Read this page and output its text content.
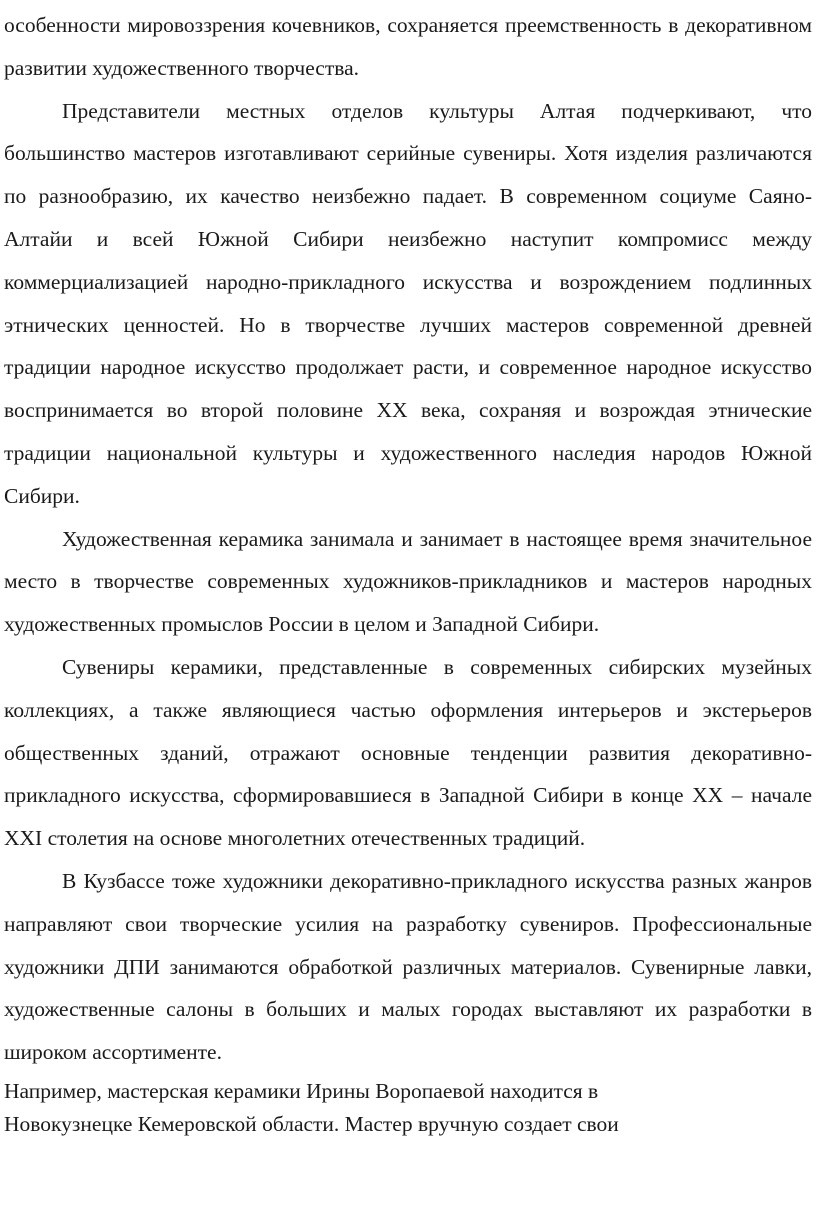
особенности мировоззрения кочевников, сохраняется преемственность в декоративном развитии художественного творчества.

Представители местных отделов культуры Алтая подчеркивают, что большинство мастеров изготавливают серийные сувениры. Хотя изделия различаются по разнообразию, их качество неизбежно падает. В современном социуме Саяно-Алтайи и всей Южной Сибири неизбежно наступит компромисс между коммерциализацией народно-прикладного искусства и возрождением подлинных этнических ценностей. Но в творчестве лучших мастеров современной древней традиции народное искусство продолжает расти, и современное народное искусство воспринимается во второй половине XX века, сохраняя и возрождая этнические традиции национальной культуры и художественного наследия народов Южной Сибири.

Художественная керамика занимала и занимает в настоящее время значительное место в творчестве современных художников-прикладников и мастеров народных художественных промыслов России в целом и Западной Сибири.

Сувениры керамики, представленные в современных сибирских музейных коллекциях, а также являющиеся частью оформления интерьеров и экстерьеров общественных зданий, отражают основные тенденции развития декоративно-прикладного искусства, сформировавшиеся в Западной Сибири в конце XX – начале XXI столетия на основе многолетних отечественных традиций.

В Кузбассе тоже художники декоративно-прикладного искусства разных жанров направляют свои творческие усилия на разработку сувениров. Профессиональные художники ДПИ занимаются обработкой различных материалов. Сувенирные лавки, художественные салоны в больших и малых городах выставляют их разработки в широком ассортименте.

Например, мастерская керамики Ирины Воропаевой находится в

Новокузнецке Кемеровской области. Мастер вручную создает свои
